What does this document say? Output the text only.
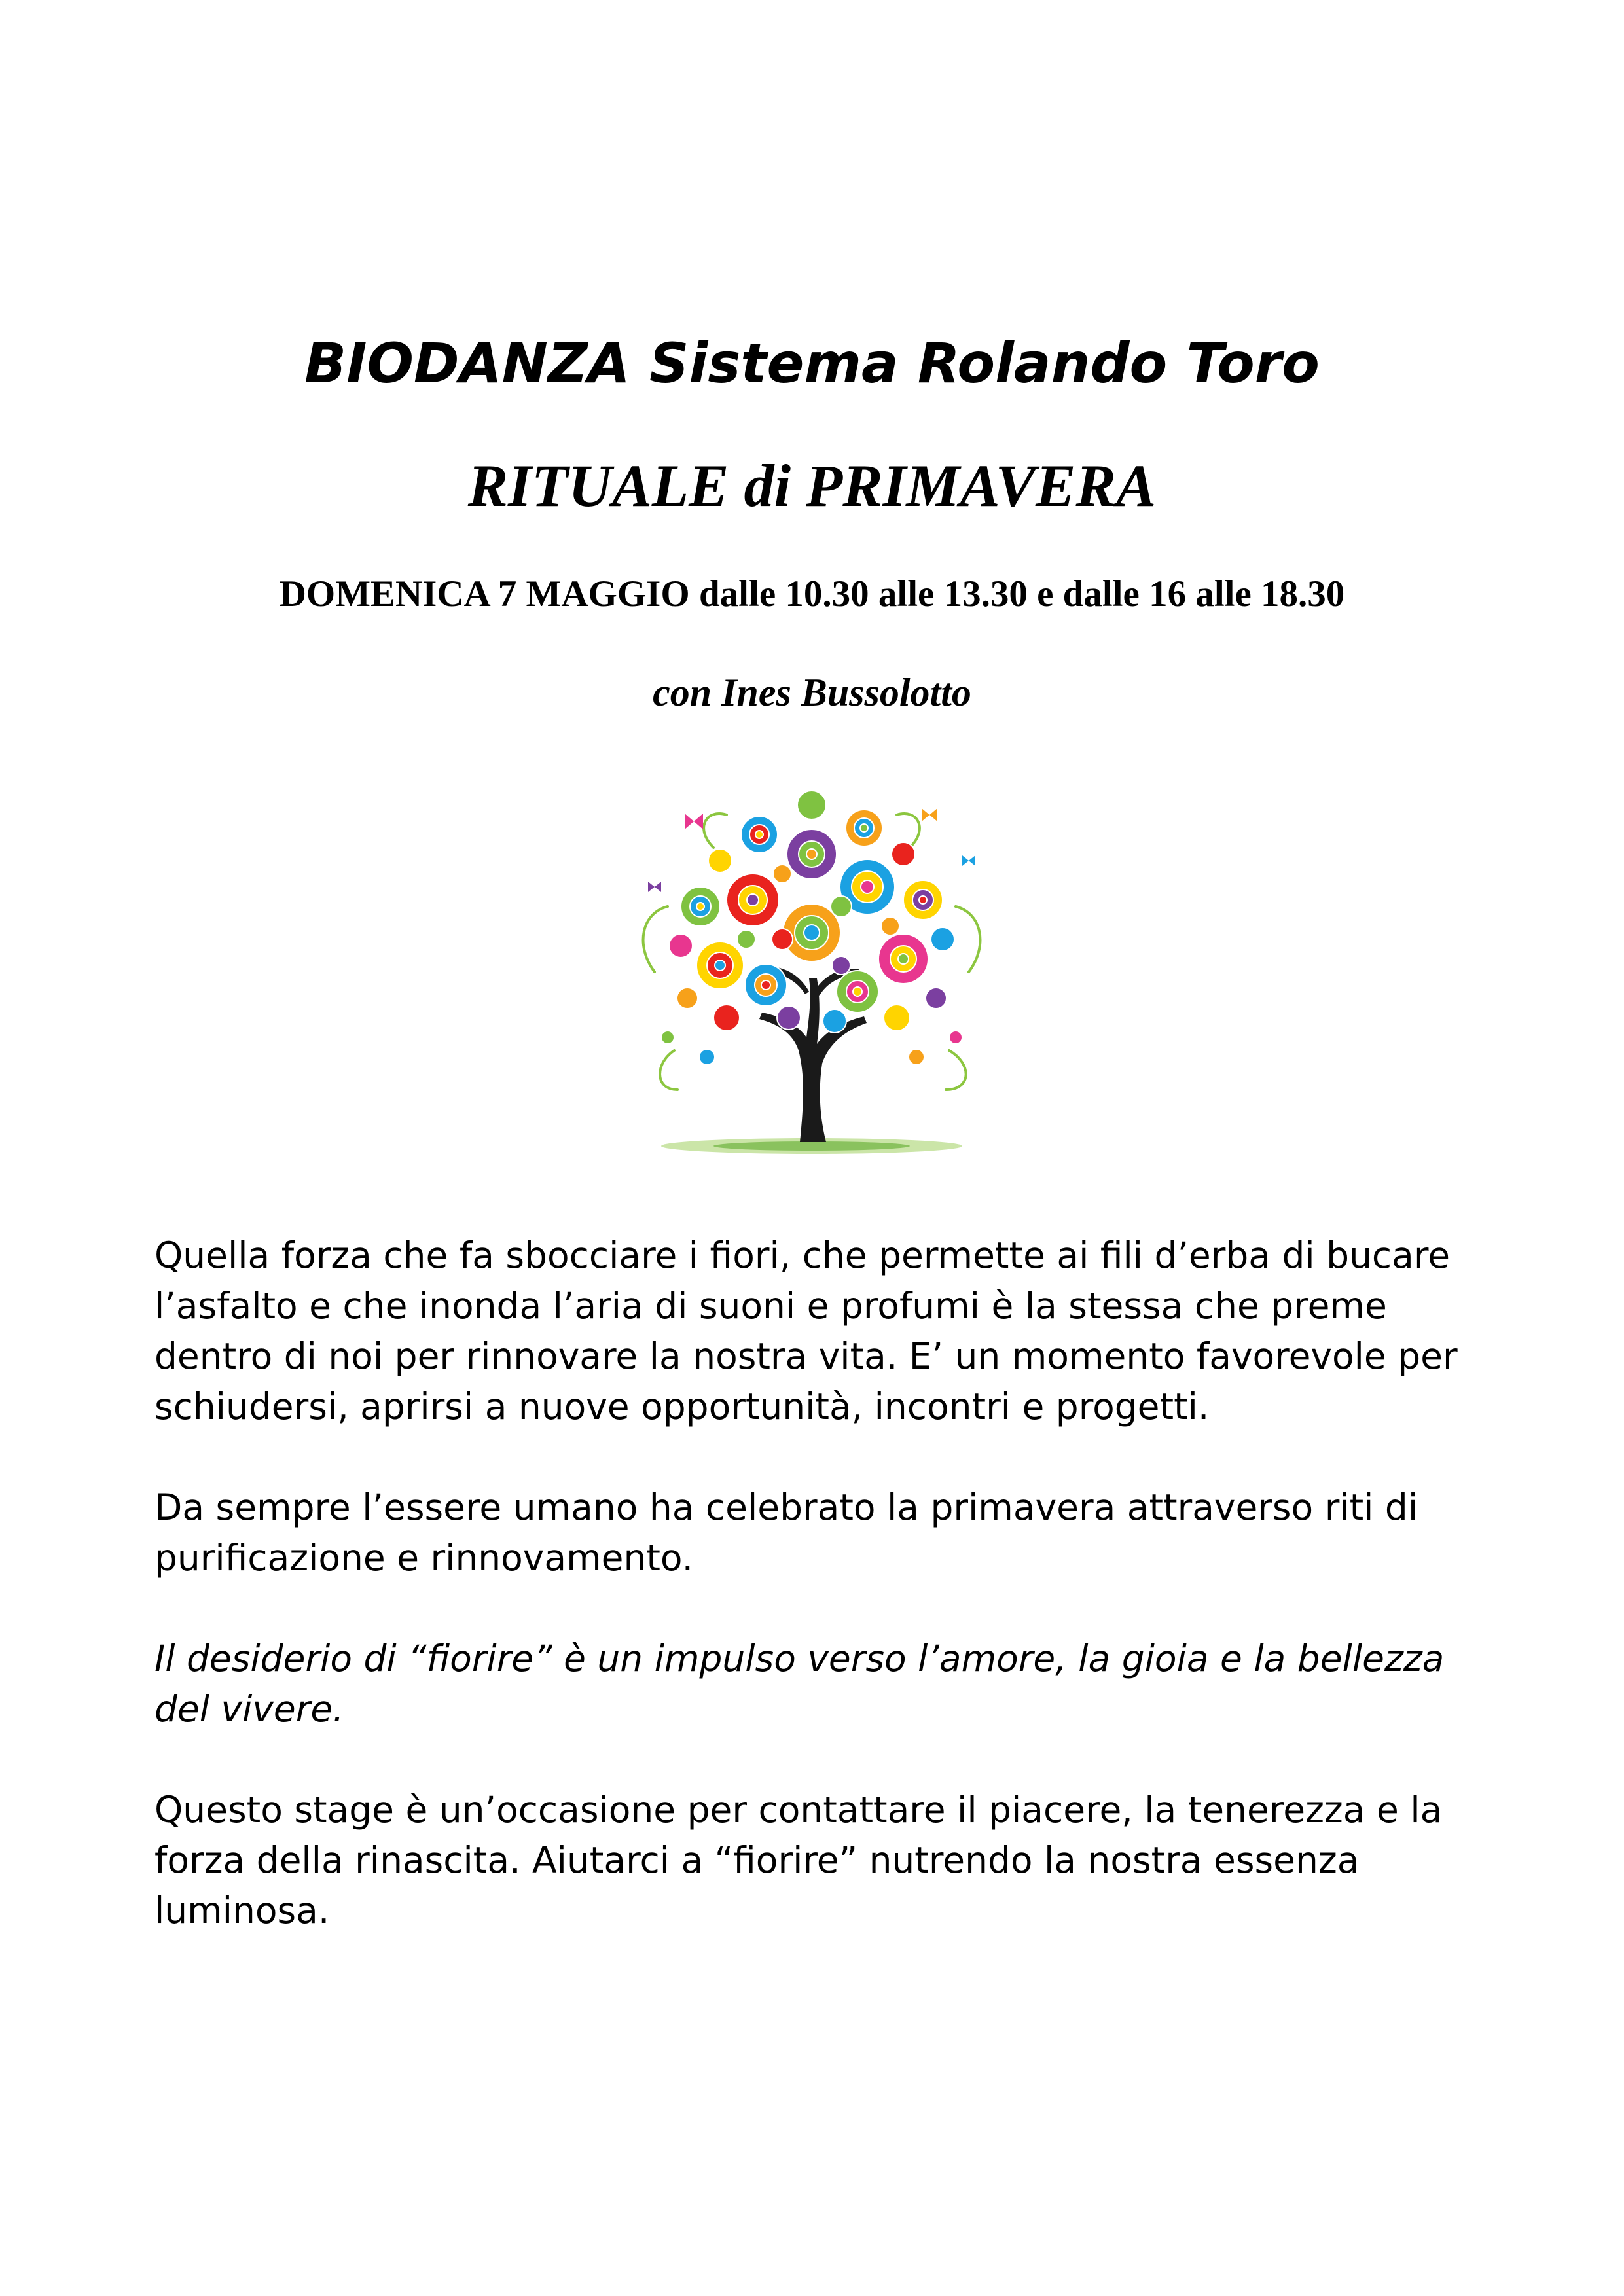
BIODANZA Sistema Rolando Toro
RITUALE di PRIMAVERA
DOMENICA 7 MAGGIO dalle 10.30 alle 13.30 e dalle 16 alle 18.30
con Ines Bussolotto

Quella forza che fa sbocciare i fiori, che permette ai fili d’erba di bucare l’asfalto e che inonda l’aria di suoni e profumi è la stessa che preme dentro di noi per rinnovare la nostra vita. E’ un momento favorevole per schiudersi, aprirsi a nuove opportunità, incontri e progetti.

Da sempre l’essere umano ha celebrato la primavera attraverso riti di purificazione e rinnovamento.

Il desiderio di “fiorire” è un impulso verso l’amore, la gioia e la bellezza del vivere.

Questo stage è un’occasione per contattare il piacere, la tenerezza e la forza della rinascita. Aiutarci a “fiorire” nutrendo la nostra essenza luminosa.
